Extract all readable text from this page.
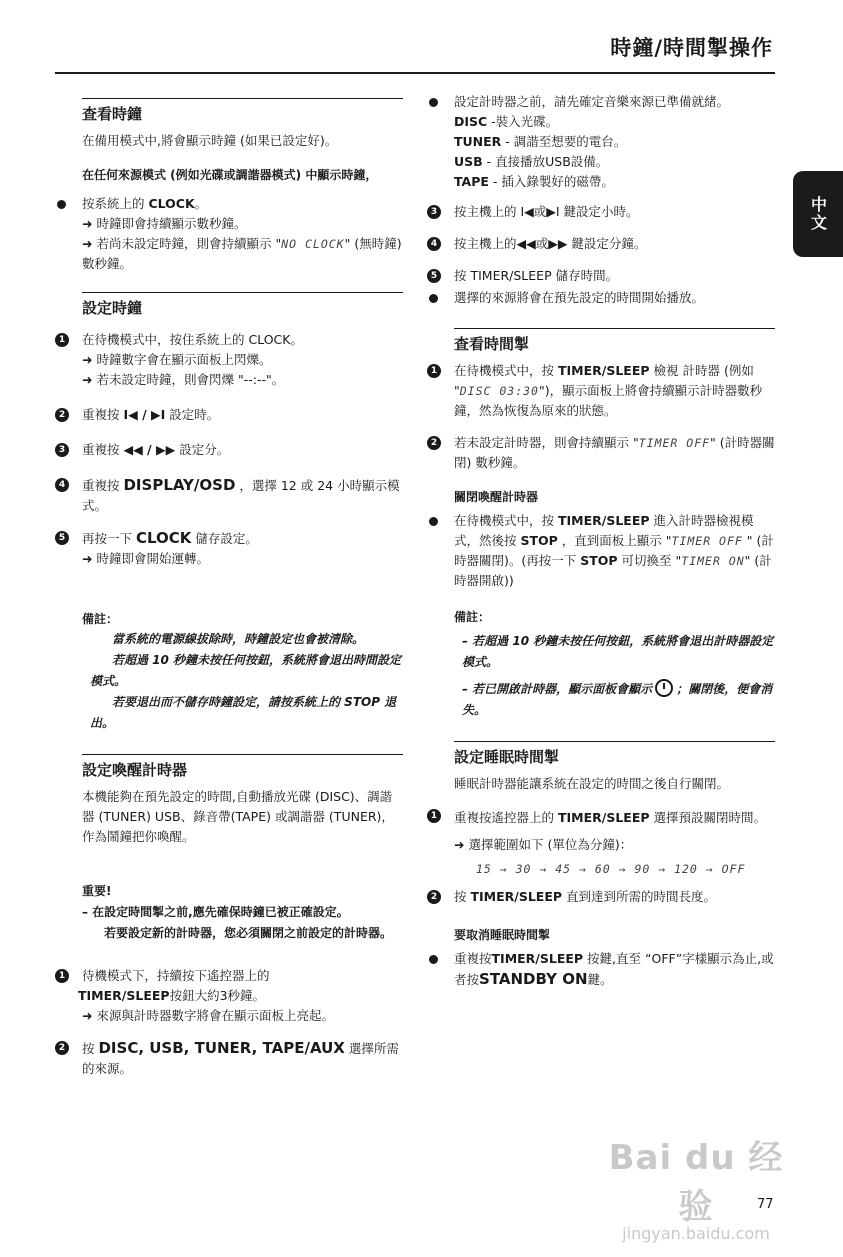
時鐘/時間掣操作
中文
查看時鐘
在備用模式中,將會顯示時鐘 (如果已設定好)。
在任何來源模式 (例如光碟或調諧器模式) 中顯示時鐘，
按系統上的 CLOCK。
➜ 時鐘即會持續顯示數秒鐘。
➜ 若尚未設定時鐘，則會持續顯示 "NO CLOCK" (無時鐘) 數秒鐘。
設定時鐘
1	在待機模式中，按住系統上的 CLOCK。
➜ 時鐘數字會在顯示面板上閃爍。
➜ 若未設定時鐘，則會閃爍 "--:--"。
2	重複按 I◀ / ▶I 設定時。
3	重複按 ◀◀ / ▶▶ 設定分。
4	重複按 DISPLAY/OSD ，選擇 12 或 24 小時顯示模式。
5	再按一下 CLOCK 儲存設定。
➜ 時鐘即會開始運轉。
備註：
當系統的電源線拔除時，時鐘設定也會被清除。
若超過 10 秒鐘未按任何按鈕，系統將會退出時間設定模式。
若要退出而不儲存時鐘設定，請按系統上的 STOP 退出。
設定喚醒計時器
本機能夠在預先設定的時間,自動播放光碟 (DISC)、調諧器 (TUNER) USB、錄音帶(TAPE) 或調諧器 (TUNER)，作為鬧鐘把你喚醒。
重要!
– 在設定時間掣之前,應先確保時鐘已被正確設定。
若要設定新的計時器，您必須關閉之前設定的計時器。
1	待機模式下，持續按下遙控器上的
TIMER/SLEEP按鈕大約3秒鐘。
➜ 來源與計時器數字將會在顯示面板上亮起。
2	按 DISC, USB, TUNER, TAPE/AUX 選擇所需的來源。
設定計時器之前，請先確定音樂來源已準備就緒。
DISC -裝入光碟。
TUNER - 調諧至想要的電台。
USB - 直接播放USB設備。
TAPE - 插入錄製好的磁帶。
3	按主機上的 I◀或▶I 鍵設定小時。
4	按主機上的◀◀或▶▶ 鍵設定分鐘。
5	按 TIMER/SLEEP 儲存時間。
選擇的來源將會在預先設定的時間開始播放。
查看時間掣
1	在待機模式中，按 TIMER/SLEEP 檢視 計時器 (例如 "DISC 03:30")，顯示面板上將會持續顯示計時器數秒鐘，然為恢復為原來的狀態。
2	若未設定計時器，則會持續顯示 "TIMER OFF" (計時器關閉) 數秒鐘。
關閉喚醒計時器
在待機模式中，按 TIMER/SLEEP 進入計時器檢視模式，然後按 STOP ，直到面板上顯示 "TIMER OFF " (計時器關閉)。(再按一下 STOP 可切換至 "TIMER ON" (計時器開啟))
備註：
– 若超過 10 秒鐘未按任何按鈕，系統將會退出計時器設定模式。
– 若已開啟計時器，顯示面板會顯示 ；關閉後，便會消失。
設定睡眠時間掣
睡眠計時器能讓系統在設定的時間之後自行關閉。
1	重複按遙控器上的 TIMER/SLEEP 選擇預設關閉時間。
➜ 選擇範圍如下 (單位為分鐘)：
15 → 30 → 45 → 60 → 90 → 120 → OFF
2	按 TIMER/SLEEP 直到達到所需的時間長度。
要取消睡眠時間掣
重複按TIMER/SLEEP 按鍵,直至 “OFF”字樣顯示為止,或者按STANDBY ON鍵。
Bai du 经验
jingyan.baidu.com
77
